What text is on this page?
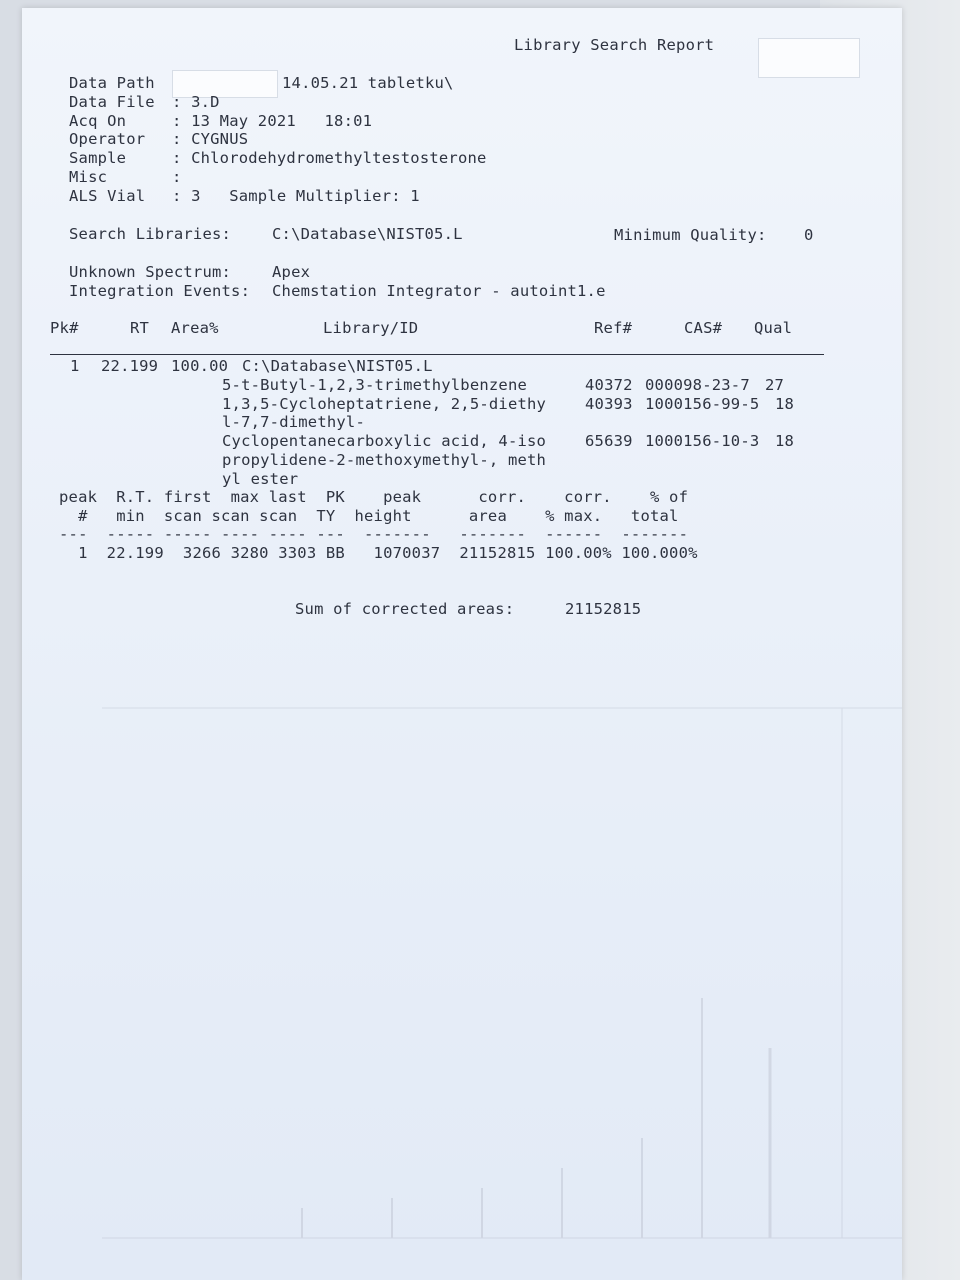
Library Search Report
Data Path	14.05.21 tabletku\
Data File : 3.D
Acq On	: 13 May 2021   18:01
Operator : CYGNUS
Sample	: Chlorodehydromethyltestosterone
Misc	:
ALS Vial : 3   Sample Multiplier: 1
Search Libraries:	C:\Database\NIST05.L	Minimum Quality: 0
Unknown Spectrum:	Apex
Integration Events: Chemstation Integrator - autoint1.e
Pk#	RT Area%	Library/ID	Ref#	CAS# Qual
1 22.199 100.00 C:\Database\NIST05.L
5-t-Butyl-1,2,3-trimethylbenzene	40372 000098-23-7 27
1,3,5-Cycloheptatriene, 2,5-diethy	40393 1000156-99-5 18
l-7,7-dimethyl-
Cyclopentanecarboxylic acid, 4-iso	65639 1000156-10-3 18
propylidene-2-methoxymethyl-, meth
yl ester
peak  R.T. first  max last  PK    peak      corr.    corr.    % of
#   min  scan scan scan  TY  height      area    % max.   total
---  ----- ----- ---- ---- ---  -------   -------  ------  -------
1  22.199  3266 3280 3303 BB   1070037  21152815 100.00% 100.000%
Sum of corrected areas:	21152815
